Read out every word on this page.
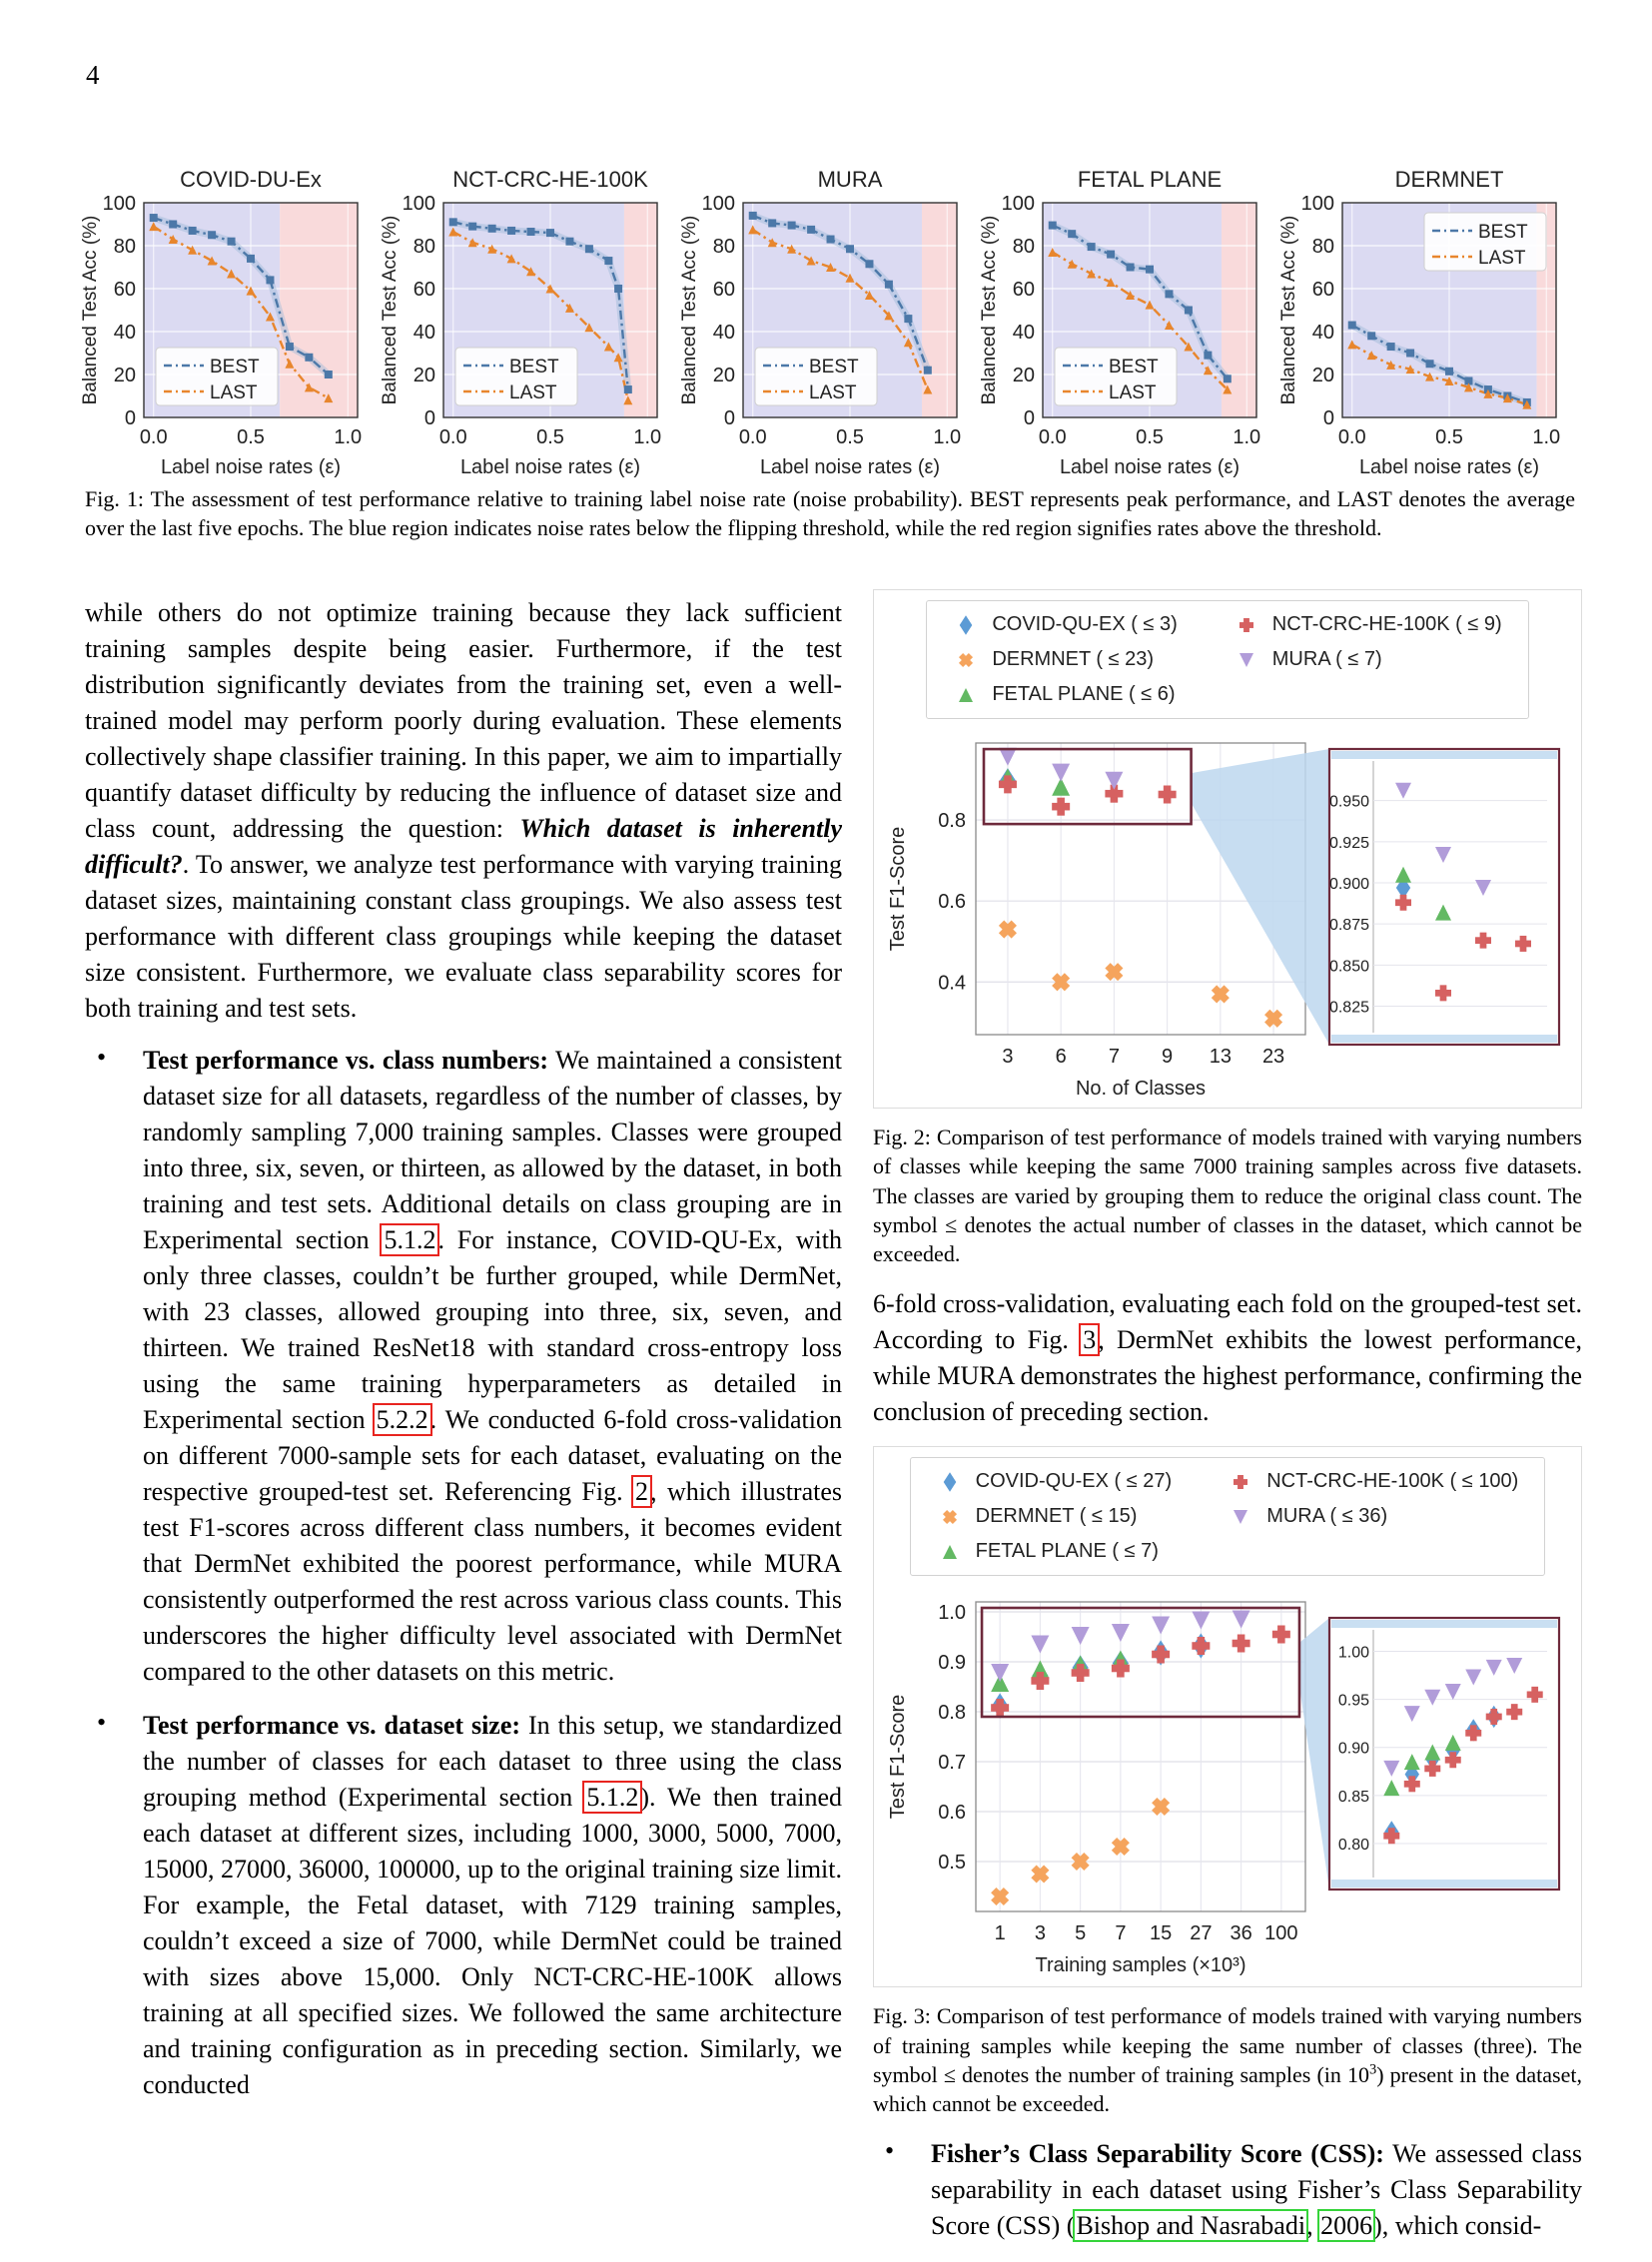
4
COVID-DU-Ex
0
20
40
60
80
100
0.0	0.5	1.0
Label noise rates (ε)
Balanced Test Acc (%)	BEST
LAST
NCT-CRC-HE-100K
0
20
40
60
80
100
0.0	0.5	1.0
Label noise rates (ε)
Balanced Test Acc (%)	BEST
LAST
MURA
0
20
40
60
80
100
0.0	0.5	1.0
Label noise rates (ε)
Balanced Test Acc (%)	BEST
LAST
FETAL PLANE
0
20
40
60
80
100
0.0	0.5	1.0
Label noise rates (ε)
Balanced Test Acc (%)	BEST
LAST
DERMNET
0
20
40
60
80
100
0.0	0.5	1.0
Label noise rates (ε)
Balanced Test Acc (%)	BEST
LAST
Fig. 1: The assessment of test performance relative to training label noise rate (noise probability). BEST represents peak performance, and LAST denotes the average over the last five epochs. The blue region indicates noise rates below the flipping threshold, while the red region signifies rates above the threshold.

while others do not optimize training because they lack sufficient training samples despite being easier. Furthermore, if the test distribution significantly deviates from the training set, even a well-trained model may perform poorly during evaluation. These elements collectively shape classifier training. In this paper, we aim to impartially quantify dataset difficulty by reducing the influence of dataset size and class count, addressing the question: Which dataset is inherently difficult?. To answer, we analyze test performance with varying training dataset sizes, maintaining constant class groupings. We also assess test performance with different class groupings while keeping the dataset size consistent. Furthermore, we evaluate class separability scores for both training and test sets.

•	Test performance vs. class numbers: We maintained a consistent dataset size for all datasets, regardless of the number of classes, by randomly sampling 7,000 training samples. Classes were grouped into three, six, seven, or thirteen, as allowed by the dataset, in both training and test sets. Additional details on class grouping are in Experimental section 5.1.2. For instance, COVID-QU-Ex, with only three classes, couldn’t be further grouped, while DermNet, with 23 classes, allowed grouping into three, six, seven, and thirteen. We trained ResNet18 with standard cross-entropy loss using the same training hyperparameters as detailed in Experimental section 5.2.2. We conducted 6-fold cross-validation on different 7000-sample sets for each dataset, evaluating on the respective grouped-test set. Referencing Fig. 2, which illustrates test F1-scores across different class numbers, it becomes evident that DermNet exhibited the poorest performance, while MURA consistently outperformed the rest across various class counts. This underscores the higher difficulty level associated with DermNet compared to the other datasets on this metric.
•	Test performance vs. dataset size: In this setup, we standardized the number of classes for each dataset to three using the class grouping method (Experimental section 5.1.2). We then trained each dataset at different sizes, including 1000, 3000, 5000, 7000, 15000, 27000, 36000, 100000, up to the original training size limit. For example, the Fetal dataset, with 7129 training samples, couldn’t exceed a size of 7000, while DermNet could be trained with sizes above 15,000. Only NCT-CRC-HE-100K allows training at all specified sizes. We followed the same architecture and training configuration as in preceding section. Similarly, we conducted
COVID-QU-EX ( ≤ 3)
DERMNET ( ≤ 23)
FETAL PLANE ( ≤ 6)
NCT-CRC-HE-100K ( ≤ 9)
MURA ( ≤ 7)
0.4
0.6
0.8
3 6 7 9 13 23
No. of Classes
Test F1-Score
0.825
0.850
0.875
0.900
0.925
0.950
Fig. 2: Comparison of test performance of models trained with varying numbers of classes while keeping the same 7000 training samples across five datasets. The classes are varied by grouping them to reduce the original class count. The symbol ≤ denotes the actual number of classes in the dataset, which cannot be exceeded.

6-fold cross-validation, evaluating each fold on the grouped-test set. According to Fig. 3, DermNet exhibits the lowest performance, while MURA demonstrates the highest performance, confirming the conclusion of preceding section.

COVID-QU-EX ( ≤ 27)
DERMNET ( ≤ 15)
FETAL PLANE ( ≤ 7)
NCT-CRC-HE-100K ( ≤ 100)
MURA ( ≤ 36)
0.5
0.6
0.7
0.8
0.9
1.0
1 3 5 7 15 27 36 100
Training samples (×10³)
Test F1-Score
0.80
0.85
0.90
0.95
1.00
Fig. 3: Comparison of test performance of models trained with varying numbers of training samples while keeping the same number of classes (three). The symbol ≤ denotes the number of training samples (in $10^3$) present in the dataset, which cannot be exceeded.
•	Fisher’s Class Separability Score (CSS): We assessed class separability in each dataset using Fisher’s Class Separability Score (CSS) (Bishop and Nasrabadi, 2006), which consid-
